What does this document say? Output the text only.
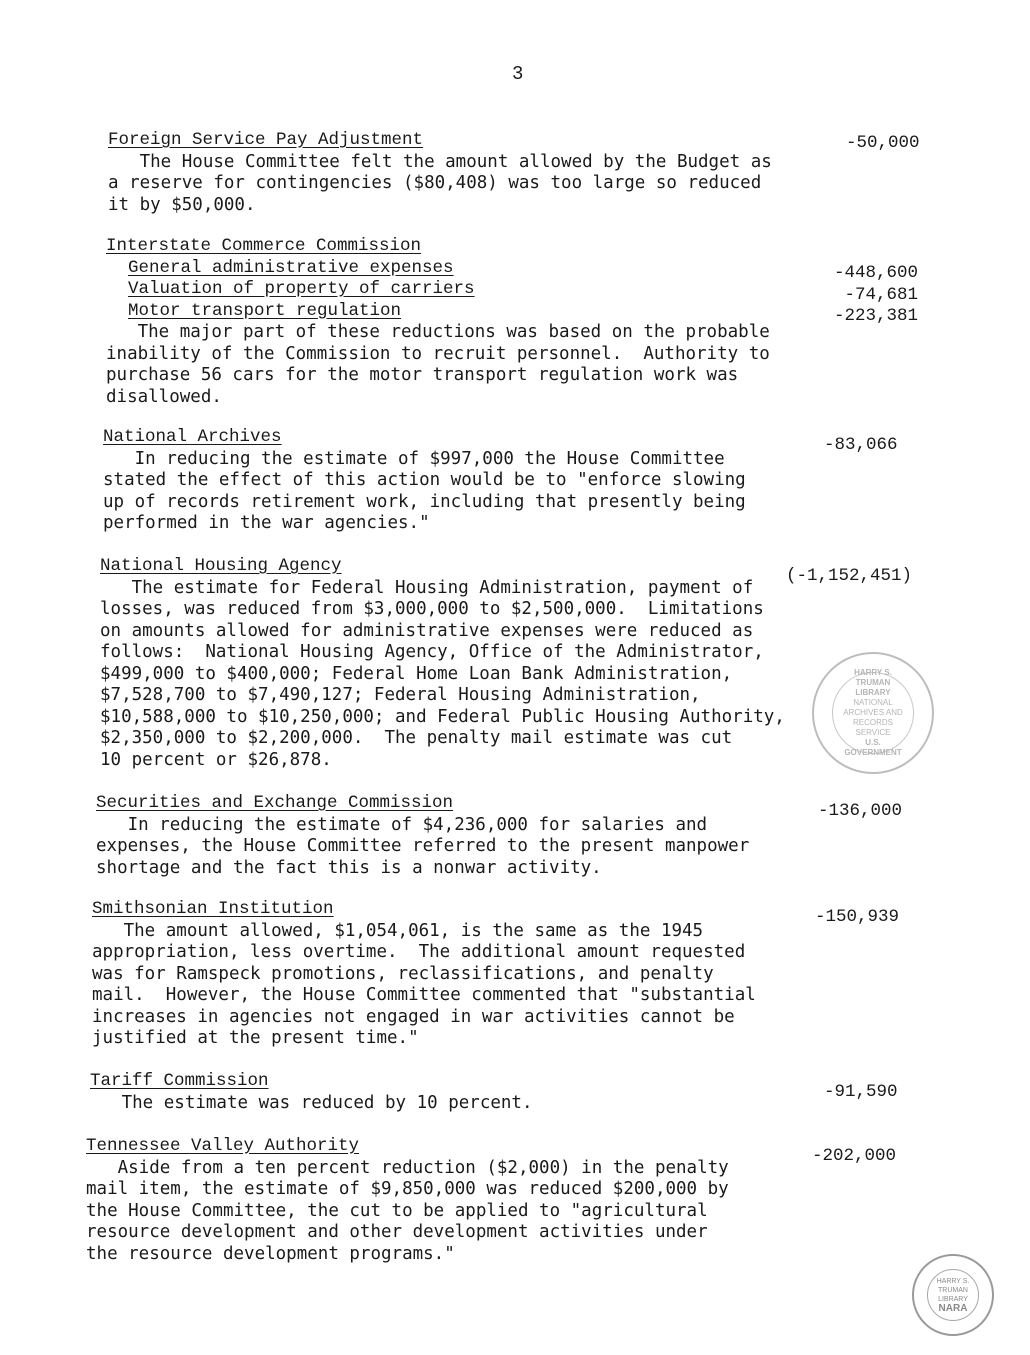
3
Foreign Service Pay Adjustment
The House Committee felt the amount allowed by the Budget as
a reserve for contingencies ($80,408) was too large so reduced
it by $50,000.
-50,000
Interstate Commerce Commission
General administrative expenses
Valuation of property of carriers
Motor transport regulation
The major part of these reductions was based on the probable
inability of the Commission to recruit personnel.  Authority to
purchase 56 cars for the motor transport regulation work was
disallowed.
-448,600
-74,681
-223,381
National Archives
In reducing the estimate of $997,000 the House Committee
stated the effect of this action would be to "enforce slowing
up of records retirement work, including that presently being
performed in the war agencies."
-83,066
National Housing Agency
The estimate for Federal Housing Administration, payment of
losses, was reduced from $3,000,000 to $2,500,000.  Limitations
on amounts allowed for administrative expenses were reduced as
follows:  National Housing Agency, Office of the Administrator,
$499,000 to $400,000; Federal Home Loan Bank Administration,
$7,528,700 to $7,490,127; Federal Housing Administration,
$10,588,000 to $10,250,000; and Federal Public Housing Authority,
$2,350,000 to $2,200,000.  The penalty mail estimate was cut
10 percent or $26,878.
(-1,152,451)
Securities and Exchange Commission
In reducing the estimate of $4,236,000 for salaries and
expenses, the House Committee referred to the present manpower
shortage and the fact this is a nonwar activity.
-136,000
Smithsonian Institution
The amount allowed, $1,054,061, is the same as the 1945
appropriation, less overtime.  The additional amount requested
was for Ramspeck promotions, reclassifications, and penalty
mail.  However, the House Committee commented that "substantial
increases in agencies not engaged in war activities cannot be
justified at the present time."
-150,939
Tariff Commission
The estimate was reduced by 10 percent.
-91,590
Tennessee Valley Authority
Aside from a ten percent reduction ($2,000) in the penalty
mail item, the estimate of $9,850,000 was reduced $200,000 by
the House Committee, the cut to be applied to "agricultural
resource development and other development activities under
the resource development programs."
-202,000
HARRY S. TRUMAN LIBRARY
NATIONAL ARCHIVES AND RECORDS SERVICE
U.S. GOVERNMENT
HARRY S. TRUMAN LIBRARY
NARA
